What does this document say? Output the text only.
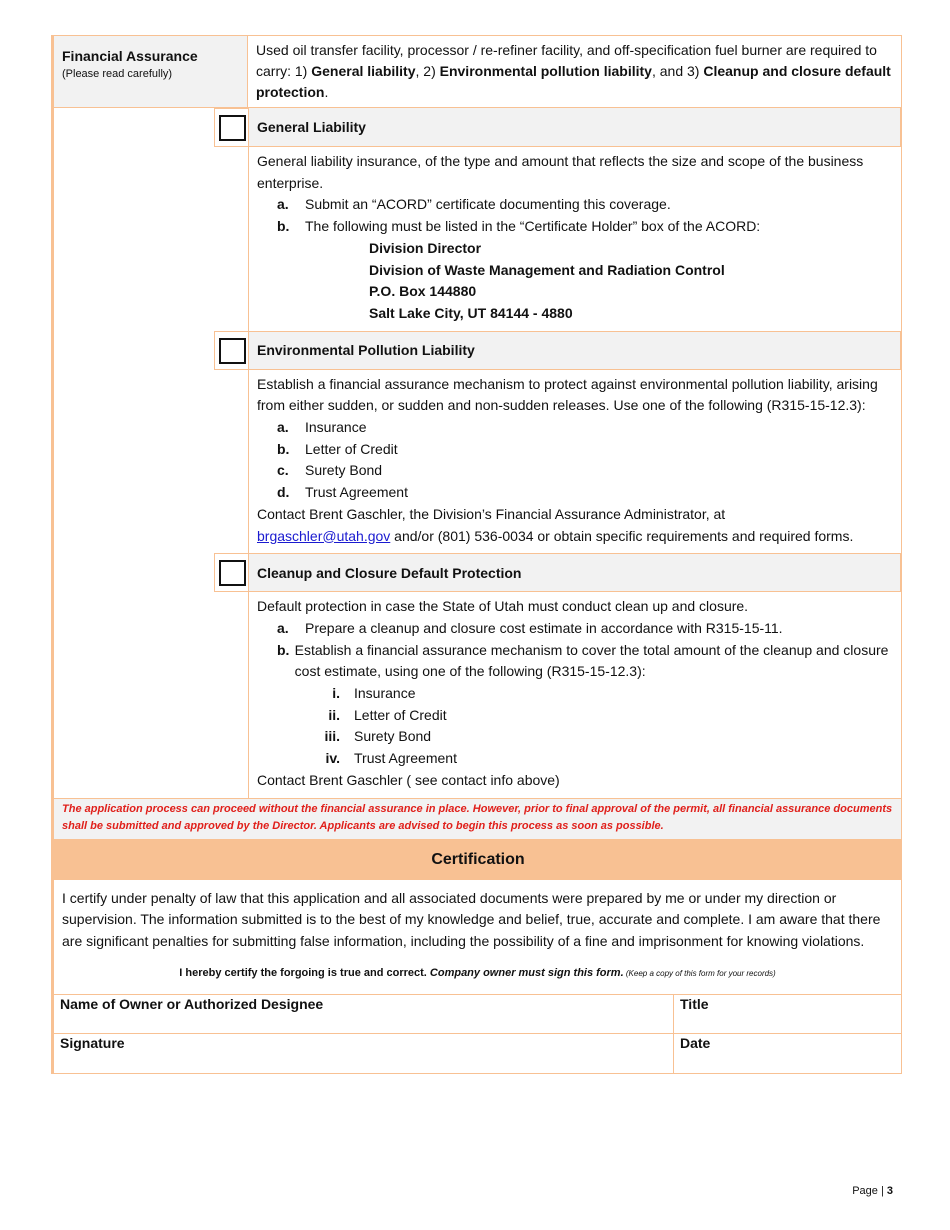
Financial Assurance
(Please read carefully)
Used oil transfer facility, processor / re-refiner facility, and off-specification fuel burner are required to carry: 1) General liability, 2) Environmental pollution liability, and 3) Cleanup and closure default protection.
General Liability
General liability insurance, of the type and amount that reflects the size and scope of the business enterprise.
a.	Submit an “ACORD” certificate documenting this coverage.
b.	The following must be listed in the “Certificate Holder” box of the ACORD:
Division Director
Division of Waste Management and Radiation Control
P.O. Box 144880
Salt Lake City, UT 84144 - 4880
Environmental Pollution Liability
Establish a financial assurance mechanism to protect against environmental pollution liability, arising from either sudden, or sudden and non-sudden releases. Use one of the following (R315-15-12.3):
a.	Insurance
b.	Letter of Credit
c.	Surety Bond
d.	Trust Agreement
Contact Brent Gaschler, the Division’s Financial Assurance Administrator, at
brgaschler@utah.gov and/or (801) 536-0034 or obtain specific requirements and required forms.
Cleanup and Closure Default Protection
Default protection in case the State of Utah must conduct clean up and closure.
a.	Prepare a cleanup and closure cost estimate in accordance with R315-15-11.
b. Establish a financial assurance mechanism to cover the total amount of the cleanup and closure cost estimate, using one of the following (R315-15-12.3):
i.	Insurance
ii.	Letter of Credit
iii.	Surety Bond
iv.	Trust Agreement
Contact Brent Gaschler ( see contact info above)
The application process can proceed without the financial assurance in place. However, prior to final approval of the permit, all financial assurance documents shall be submitted and approved by the Director. Applicants are advised to begin this process as soon as possible.
Certification
I certify under penalty of law that this application and all associated documents were prepared by me or under my direction or supervision. The information submitted is to the best of my knowledge and belief, true, accurate and complete. I am aware that there are significant penalties for submitting false information, including the possibility of a fine and imprisonment for knowing violations.
I hereby certify the forgoing is true and correct. Company owner must sign this form. (Keep a copy of this form for your records)
Name of Owner or Authorized Designee	Title
Signature	Date
Page | 3
